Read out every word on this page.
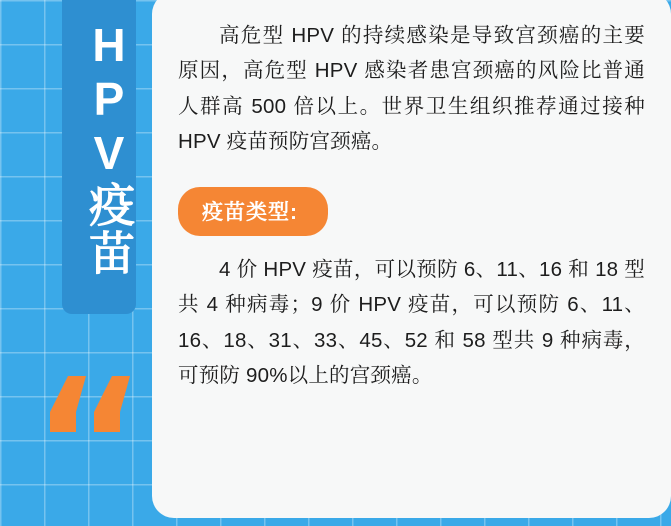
HPV疫苗	高危型 HPV 的持续感染是导致宫颈癌的主要原因，高危型 HPV 感染者患宫颈癌的风险比普通人群高 500 倍以上。世界卫生组织推荐通过接种 HPV 疫苗预防宫颈癌。

疫苗类型:

4 价 HPV 疫苗，可以预防 6、11、16 和 18 型共 4 种病毒；9 价 HPV 疫苗，可以预防 6、11、16、18、31、33、45、52 和 58 型共 9 种病毒，可预防 90%以上的宫颈癌。
